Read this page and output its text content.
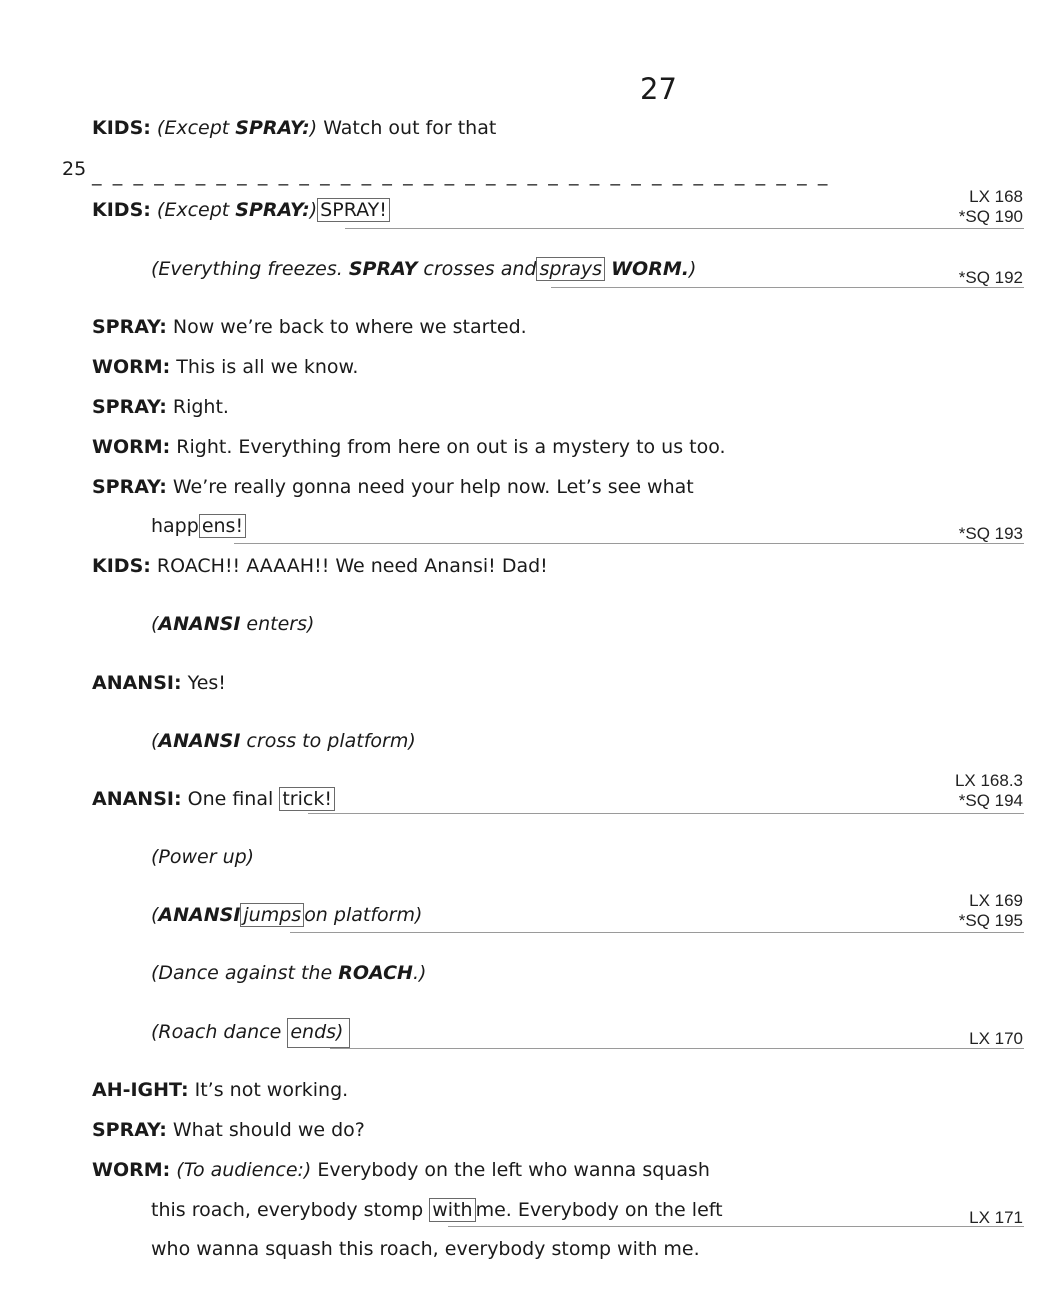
27
25 _ _ _ _ _ _ _ _ _ _ _ _ _ _ _ _ _ _ _ _ _ _ _ _ _ _ _ _ _ _ _ _ _ _ _ _
KIDS: (Except SPRAY:) Watch out for that
KIDS: (Except SPRAY:) SPRAY!
LX 168
*SQ 190
(Everything freezes. SPRAY crosses and sprays WORM.)	*SQ 192
SPRAY: Now we’re back to where we started.
WORM: This is all we know.
SPRAY: Right.
WORM: Right. Everything from here on out is a mystery to us too.
SPRAY: We’re really gonna need your help now. Let’s see what
happ ens!	*SQ 193
KIDS: ROACH!! AAAAH!! We need Anansi! Dad!
(ANANSI enters)
ANANSI: Yes!
(ANANSI cross to platform)
ANANSI: One final trick!
LX 168.3
*SQ 194
(Power up)
(ANANSI jumps on platform)
LX 169
*SQ 195
(Dance against the ROACH.)
(Roach dance ends)	LX 170
AH-IGHT: It’s not working.
SPRAY: What should we do?
WORM: (To audience:) Everybody on the left who wanna squash
this roach, everybody stomp with me. Everybody on the left	LX 171
who wanna squash this roach, everybody stomp with me.
